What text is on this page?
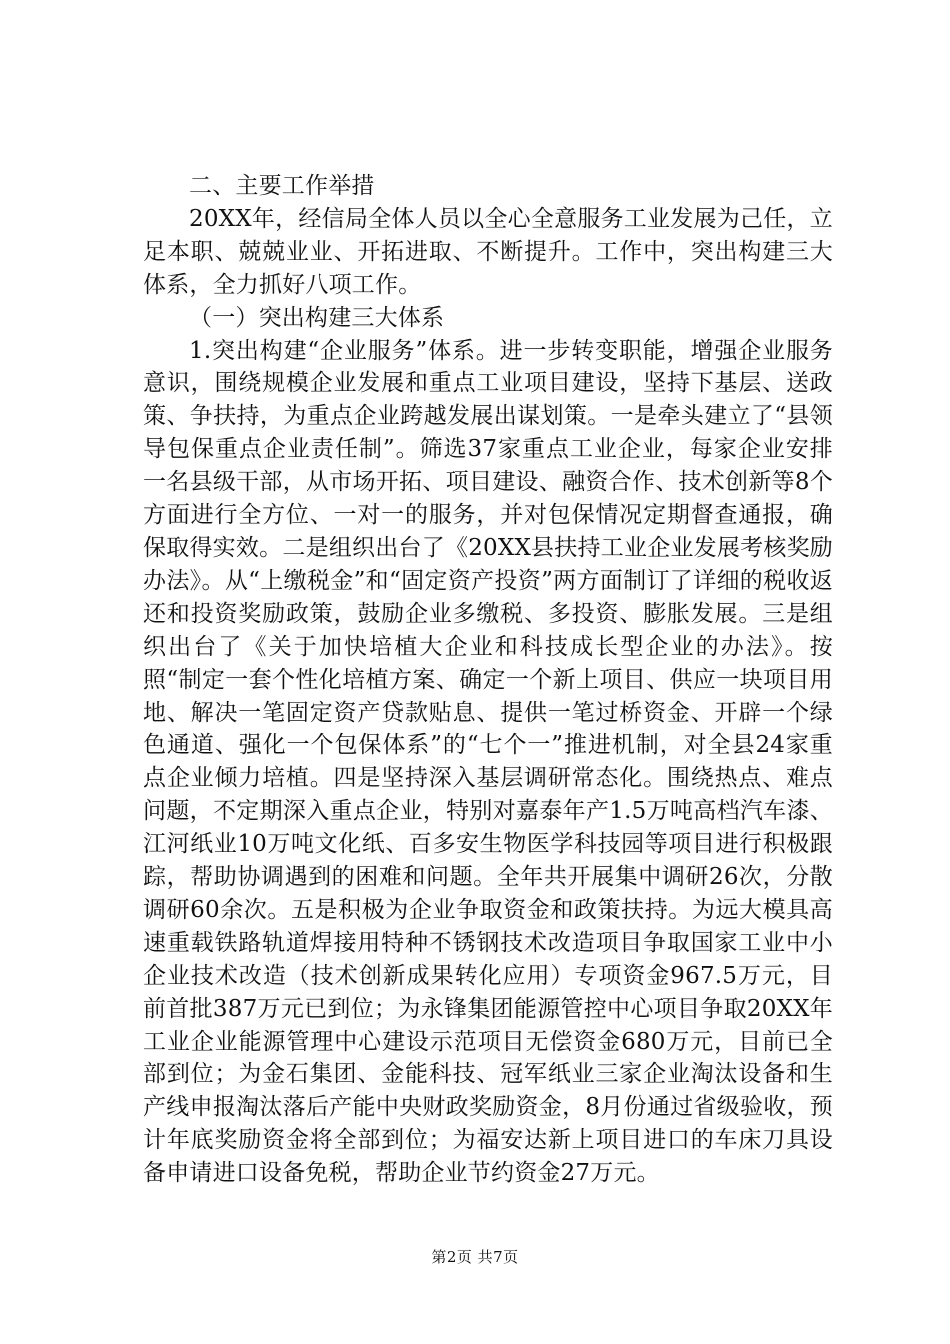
二、主要工作举措

20XX年，经信局全体人员以全心全意服务工业发展为己任，立足本职、兢兢业业、开拓进取、不断提升。工作中，突出构建三大体系，全力抓好八项工作。

（一）突出构建三大体系

1.突出构建“企业服务”体系。进一步转变职能，增强企业服务意识，围绕规模企业发展和重点工业项目建设，坚持下基层、送政策、争扶持，为重点企业跨越发展出谋划策。一是牵头建立了“县领导包保重点企业责任制”。筛选37家重点工业企业，每家企业安排一名县级干部，从市场开拓、项目建设、融资合作、技术创新等8个方面进行全方位、一对一的服务，并对包保情况定期督查通报，确保取得实效。二是组织出台了《20XX县扶持工业企业发展考核奖励办法》。从“上缴税金”和“固定资产投资”两方面制订了详细的税收返还和投资奖励政策，鼓励企业多缴税、多投资、膨胀发展。三是组织出台了《关于加快培植大企业和科技成长型企业的办法》。按照“制定一套个性化培植方案、确定一个新上项目、供应一块项目用地、解决一笔固定资产贷款贴息、提供一笔过桥资金、开辟一个绿色通道、强化一个包保体系”的“七个一”推进机制，对全县24家重点企业倾力培植。四是坚持深入基层调研常态化。围绕热点、难点问题，不定期深入重点企业，特别对嘉泰年产1.5万吨高档汽车漆、江河纸业10万吨文化纸、百多安生物医学科技园等项目进行积极跟踪，帮助协调遇到的困难和问题。全年共开展集中调研26次，分散调研60余次。五是积极为企业争取资金和政策扶持。为远大模具高速重载铁路轨道焊接用特种不锈钢技术改造项目争取国家工业中小企业技术改造（技术创新成果转化应用）专项资金967.5万元，目前首批387万元已到位；为永锋集团能源管控中心项目争取20XX年工业企业能源管理中心建设示范项目无偿资金680万元，目前已全部到位；为金石集团、金能科技、冠军纸业三家企业淘汰设备和生产线申报淘汰落后产能中央财政奖励资金，8月份通过省级验收，预计年底奖励资金将全部到位；为福安达新上项目进口的车床刀具设备申请进口设备免税，帮助企业节约资金27万元。

第2页 共7页
